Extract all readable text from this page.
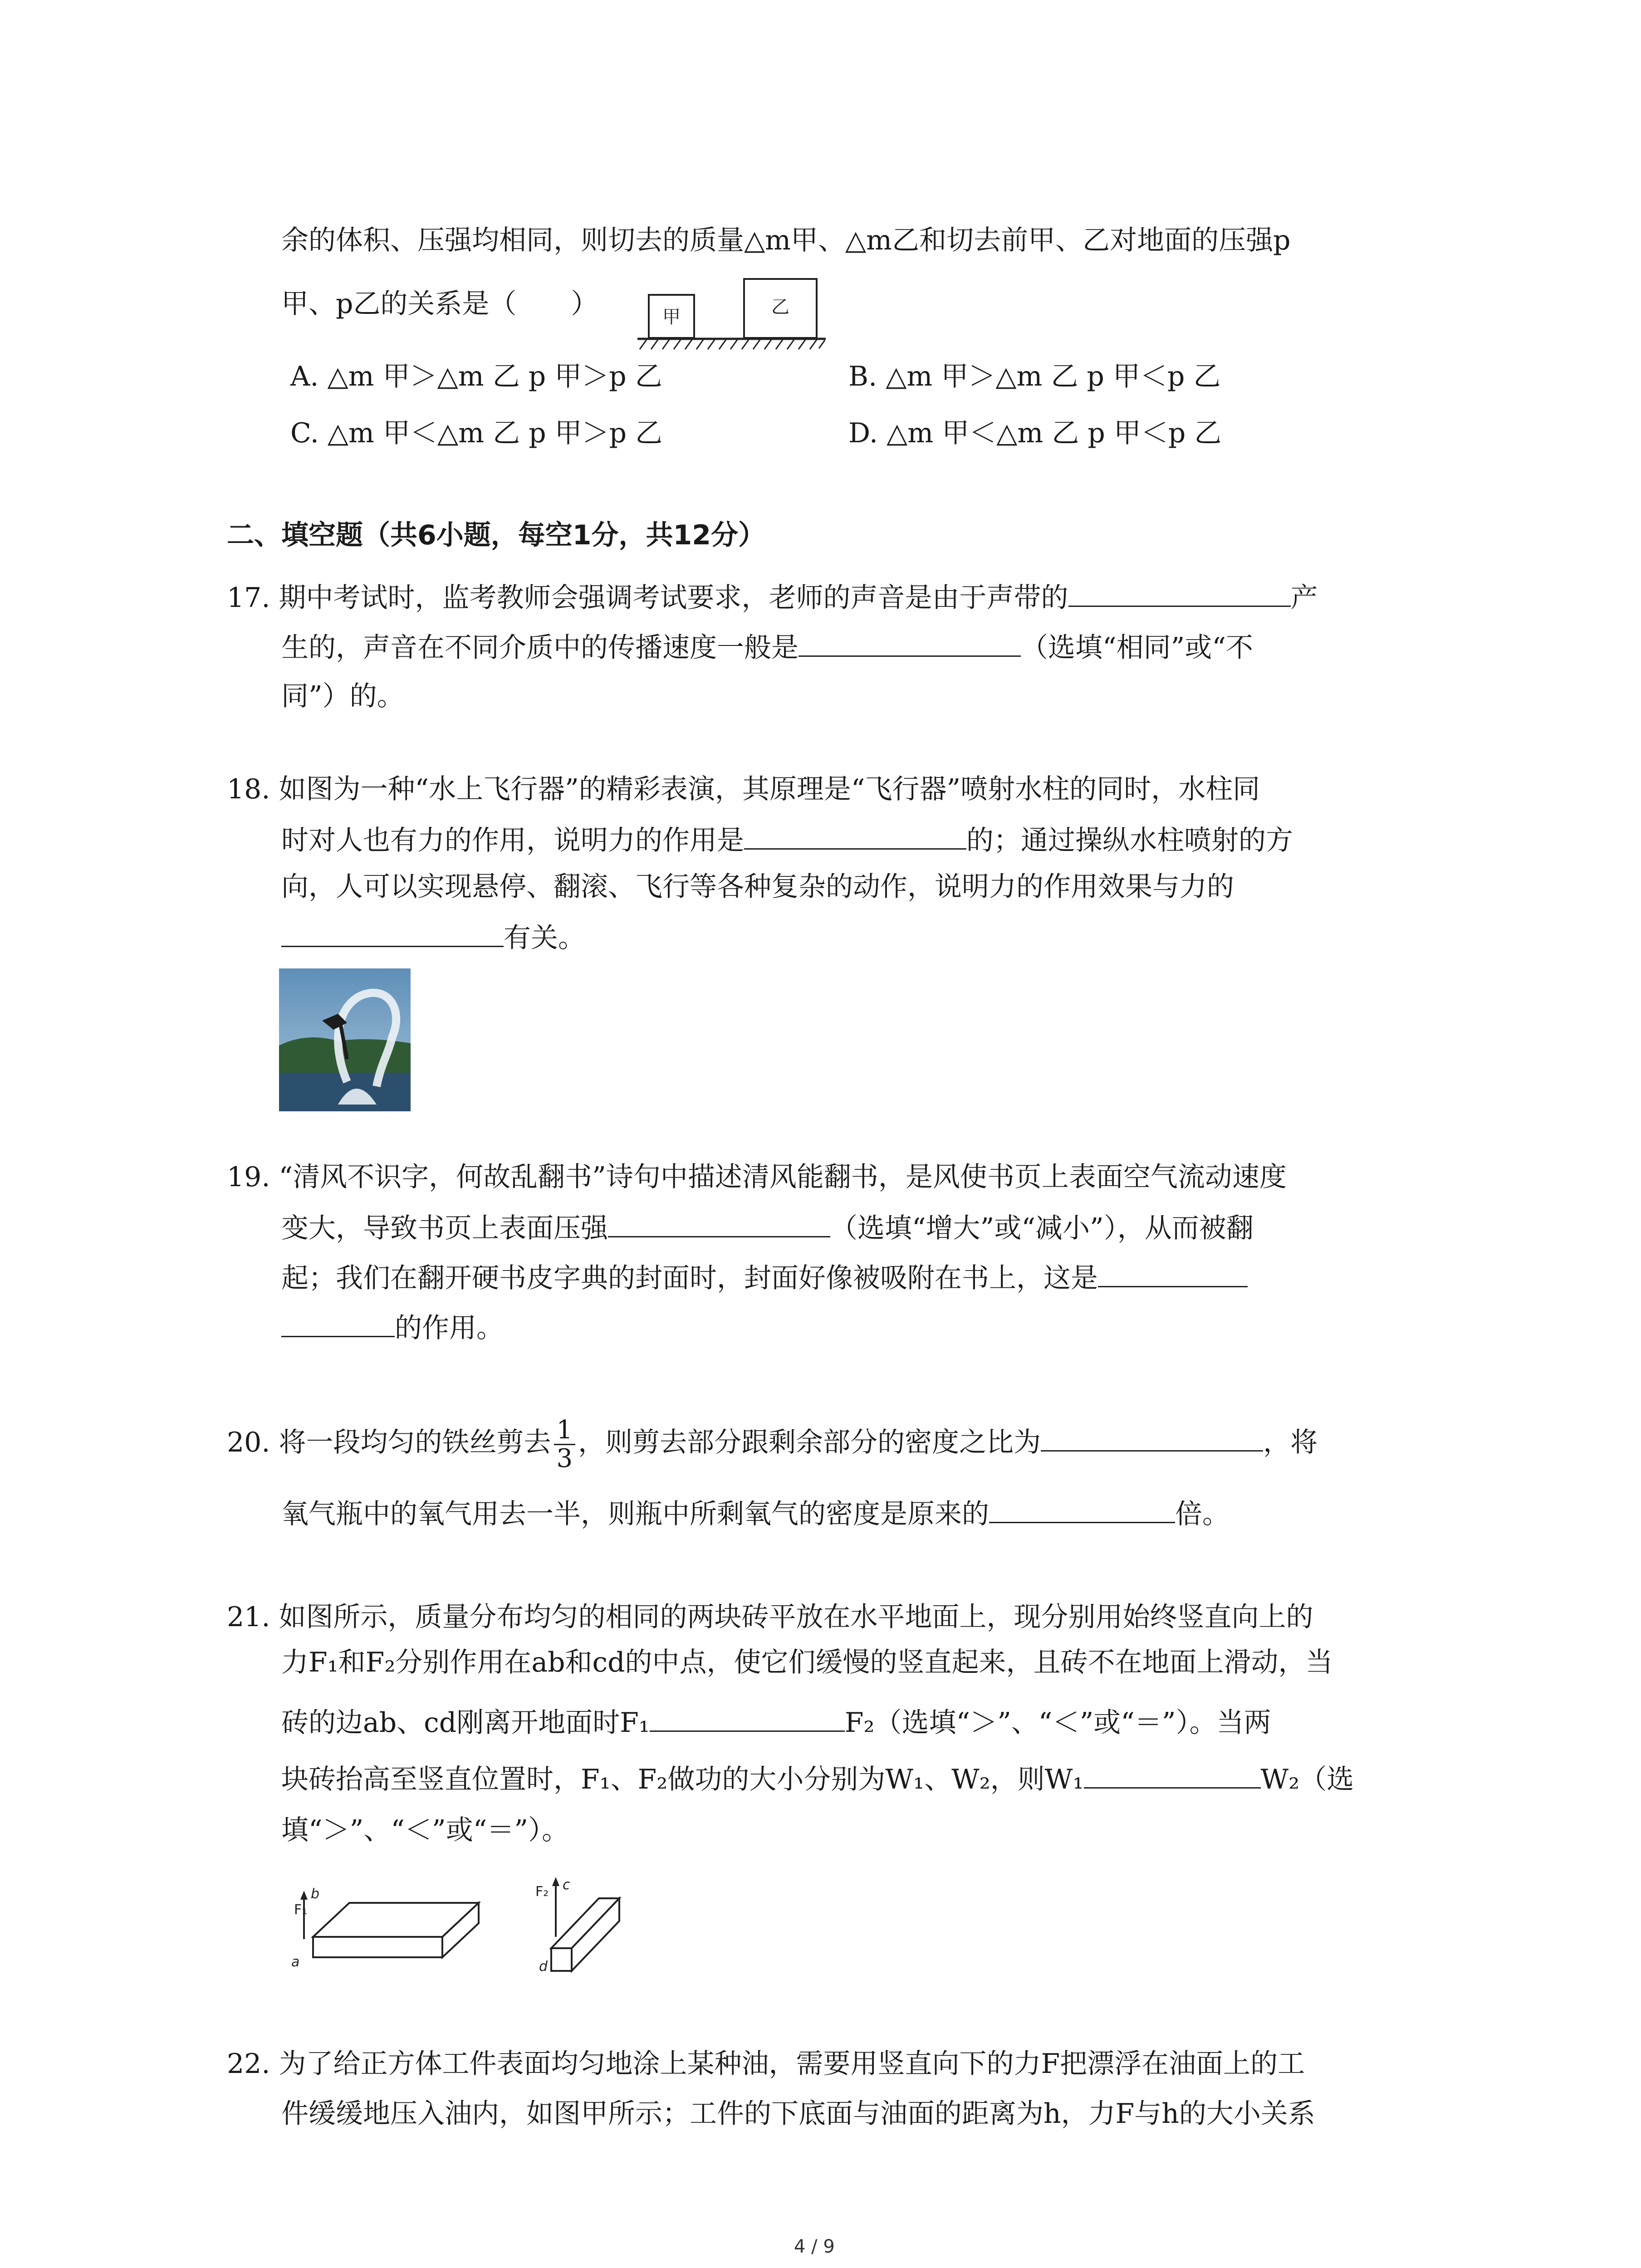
余的体积、压强均相同，则切去的质量△m甲、△m乙和切去前甲、乙对地面的压强p
甲、p乙的关系是（　　）	甲	乙
A. △m 甲＞△m 乙 p 甲＞p 乙	B. △m 甲＞△m 乙 p 甲＜p 乙
C. △m 甲＜△m 乙 p 甲＞p 乙	D. △m 甲＜△m 乙 p 甲＜p 乙
二、填空题（共6小题，每空1分，共12分）
17. 期中考试时，监考教师会强调考试要求，老师的声音是由于声带的	产
生的，声音在不同介质中的传播速度一般是	（选填“相同”或“不
同”）的。
18. 如图为一种“水上飞行器”的精彩表演，其原理是“飞行器”喷射水柱的同时，水柱同
时对人也有力的作用，说明力的作用是	的；通过操纵水柱喷射的方
向，人可以实现悬停、翻滚、飞行等各种复杂的动作，说明力的作用效果与力的
有关。
19. “清风不识字，何故乱翻书”诗句中描述清风能翻书，是风使书页上表面空气流动速度
变大，导致书页上表面压强	（选填“增大”或“减小”），从而被翻
起；我们在翻开硬书皮字典的封面时，封面好像被吸附在书上，这是
的作用。
20. 将一段均匀的铁丝剪去 $\frac{1}{3}$ ，则剪去部分跟剩余部分的密度之比为	，将
氧气瓶中的氧气用去一半，则瓶中所剩氧气的密度是原来的	倍。
21. 如图所示，质量分布均匀的相同的两块砖平放在水平地面上，现分别用始终竖直向上的
力F₁和F₂分别作用在ab和cd的中点，使它们缓慢的竖直起来，且砖不在地面上滑动，当
砖的边ab、cd刚离开地面时F₁	F₂（选填“＞”、“＜”或“＝”）。当两
块砖抬高至竖直位置时，F₁、F₂做功的大小分别为W₁、W₂，则W₁	W₂（选
填“＞”、“＜”或“＝”）。
F₁
b
a
F₂ c
d
22. 为了给正方体工件表面均匀地涂上某种油，需要用竖直向下的力F把漂浮在油面上的工
件缓缓地压入油内，如图甲所示；工件的下底面与油面的距离为h，力F与h的大小关系
4 / 9
